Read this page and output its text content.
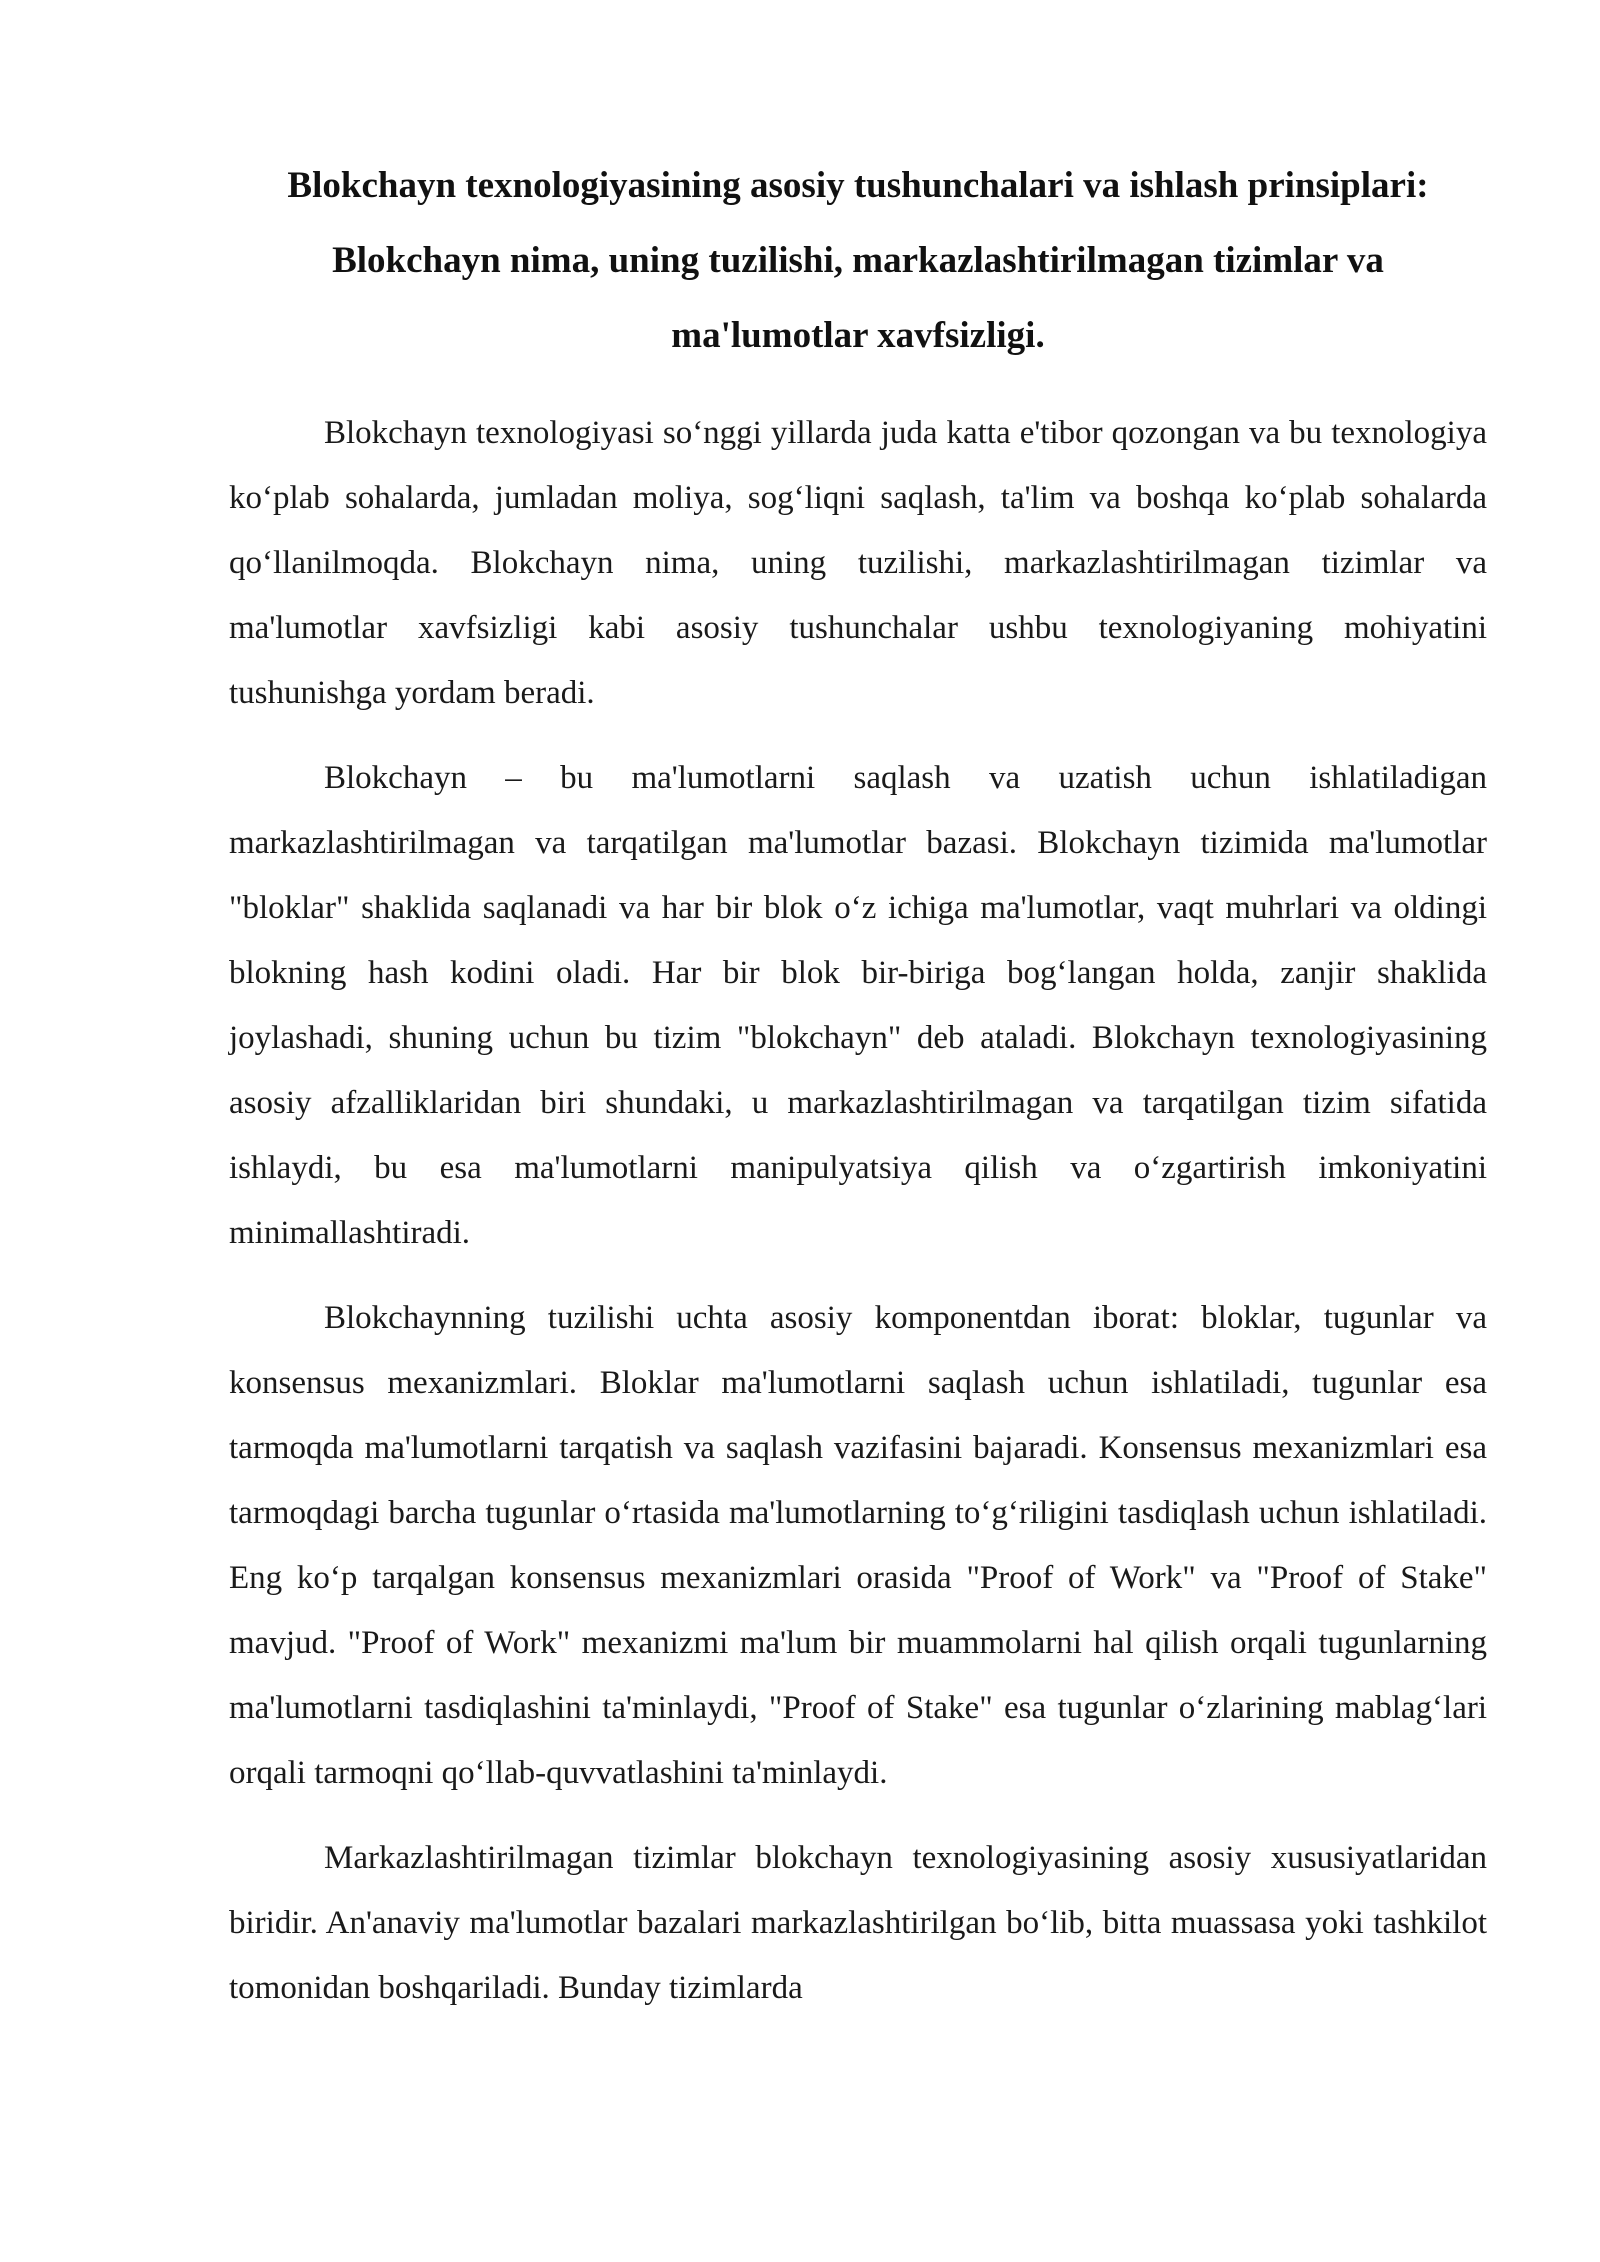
Blokchayn texnologiyasining asosiy tushunchalari va ishlash prinsiplari: Blokchayn nima, uning tuzilishi, markazlashtirilmagan tizimlar va ma'lumotlar xavfsizligi.

Blokchayn texnologiyasi so‘nggi yillarda juda katta e'tibor qozongan va bu texnologiya ko‘plab sohalarda, jumladan moliya, sog‘liqni saqlash, ta'lim va boshqa ko‘plab sohalarda qo‘llanilmoqda. Blokchayn nima, uning tuzilishi, markazlashtirilmagan tizimlar va ma'lumotlar xavfsizligi kabi asosiy tushunchalar ushbu texnologiyaning mohiyatini tushunishga yordam beradi.

Blokchayn – bu ma'lumotlarni saqlash va uzatish uchun ishlatiladigan markazlashtirilmagan va tarqatilgan ma'lumotlar bazasi. Blokchayn tizimida ma'lumotlar "bloklar" shaklida saqlanadi va har bir blok o‘z ichiga ma'lumotlar, vaqt muhrlari va oldingi blokning hash kodini oladi. Har bir blok bir-biriga bog‘langan holda, zanjir shaklida joylashadi, shuning uchun bu tizim "blokchayn" deb ataladi. Blokchayn texnologiyasining asosiy afzalliklaridan biri shundaki, u markazlashtirilmagan va tarqatilgan tizim sifatida ishlaydi, bu esa ma'lumotlarni manipulyatsiya qilish va o‘zgartirish imkoniyatini minimallashtiradi.

Blokchaynning tuzilishi uchta asosiy komponentdan iborat: bloklar, tugunlar va konsensus mexanizmlari. Bloklar ma'lumotlarni saqlash uchun ishlatiladi, tugunlar esa tarmoqda ma'lumotlarni tarqatish va saqlash vazifasini bajaradi. Konsensus mexanizmlari esa tarmoqdagi barcha tugunlar o‘rtasida ma'lumotlarning to‘g‘riligini tasdiqlash uchun ishlatiladi. Eng ko‘p tarqalgan konsensus mexanizmlari orasida "Proof of Work" va "Proof of Stake" mavjud. "Proof of Work" mexanizmi ma'lum bir muammolarni hal qilish orqali tugunlarning ma'lumotlarni tasdiqlashini ta'minlaydi, "Proof of Stake" esa tugunlar o‘zlarining mablag‘lari orqali tarmoqni qo‘llab-quvvatlashini ta'minlaydi.

Markazlashtirilmagan tizimlar blokchayn texnologiyasining asosiy xususiyatlaridan biridir. An'anaviy ma'lumotlar bazalari markazlashtirilgan bo‘lib, bitta muassasa yoki tashkilot tomonidan boshqariladi. Bunday tizimlarda
